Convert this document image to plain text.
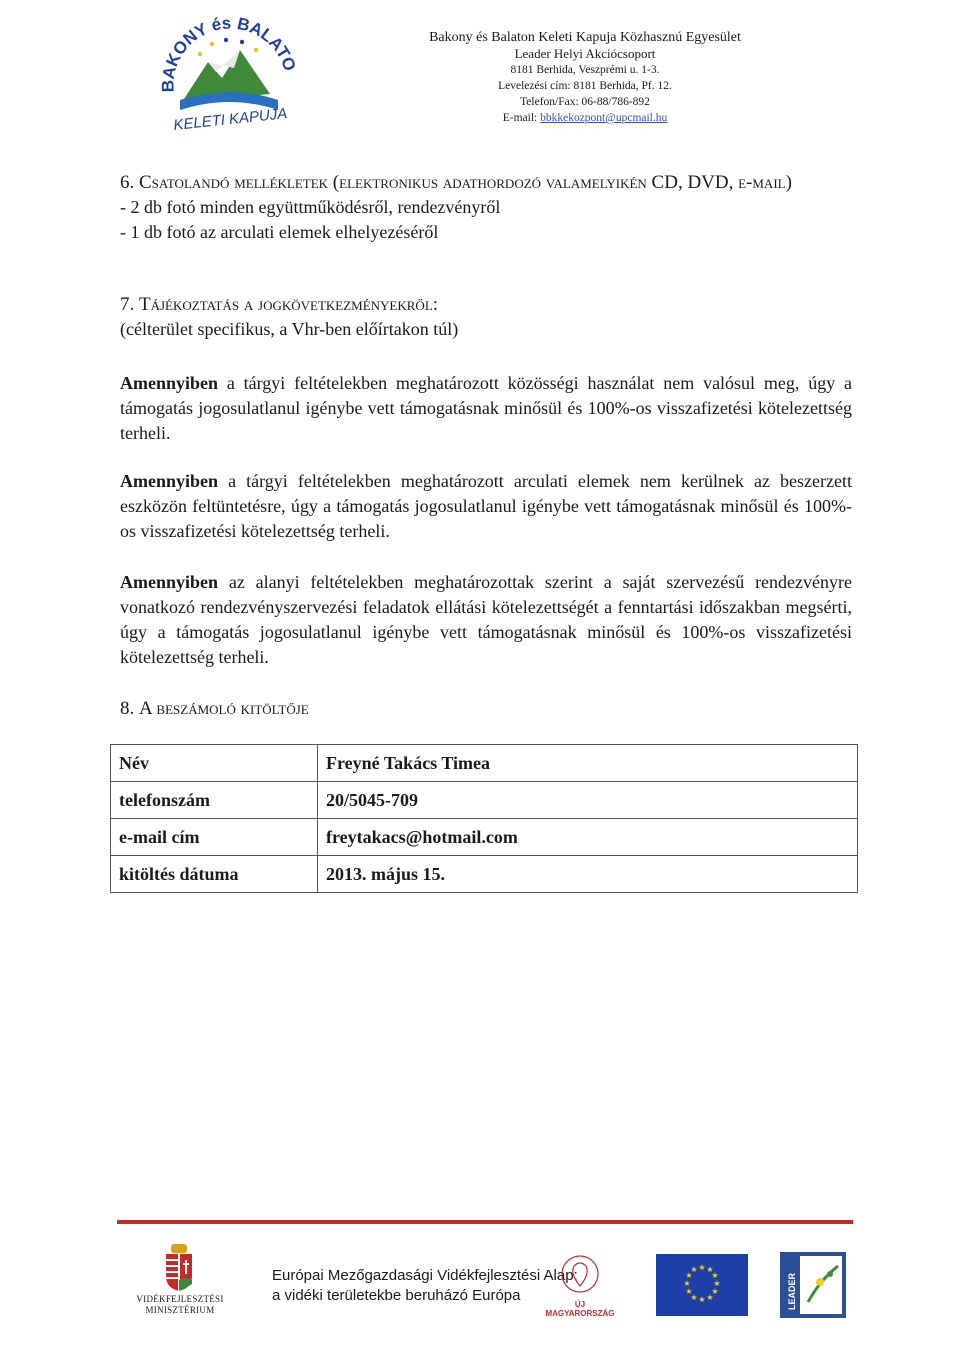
BAKONY és BALATO
KELETI KAPUJA
Bakony és Balaton Keleti Kapuja Közhasznú Egyesület
Leader Helyi Akciócsoport
8181 Berhida, Veszprémi u. 1-3.
Levelezési cím: 8181 Berhida, Pf. 12.
Telefon/Fax: 06-88/786-892
E-mail: bbkkekozpont@upcmail.hu
6. Csatolandó mellékletek (elektronikus adathordozó valamelyikén CD, DVD, e-mail)
- 2 db fotó minden együttműködésről, rendezvényről
- 1 db fotó az arculati elemek elhelyezéséről
7. Tájékoztatás a jogkövetkezményekről:
(célterület specifikus, a Vhr-ben előírtakon túl)
Amennyiben a tárgyi feltételekben meghatározott közösségi használat nem valósul meg, úgy a támogatás jogosulatlanul igénybe vett támogatásnak minősül és 100%-os visszafizetési kötelezettség terheli.
Amennyiben a tárgyi feltételekben meghatározott arculati elemek nem kerülnek az beszerzett eszközön feltüntetésre, úgy a támogatás jogosulatlanul igénybe vett támogatásnak minősül és 100%-os visszafizetési kötelezettség terheli.
Amennyiben az alanyi feltételekben meghatározottak szerint a saját szervezésű rendezvényre vonatkozó rendezvényszervezési feladatok ellátási kötelezettségét a fenntartási időszakban megsérti, úgy a támogatás jogosulatlanul igénybe vett támogatásnak minősül és 100%-os visszafizetési kötelezettség terheli.
8. A beszámoló kitöltője
Név	Freyné Takács Timea
telefonszám	20/5045-709
e-mail cím	freytakacs@hotmail.com
kitöltés dátuma	2013. május 15.
VIDÉKFEJLESZTÉSI
MINISZTÉRIUM
Európai Mezőgazdasági Vidékfejlesztési Alap:
a vidéki területekbe beruházó Európa
ÚJ MAGYARORSZÁG
★ ★
★
★
★
★
★
★
★
★
★
★
LEADER
